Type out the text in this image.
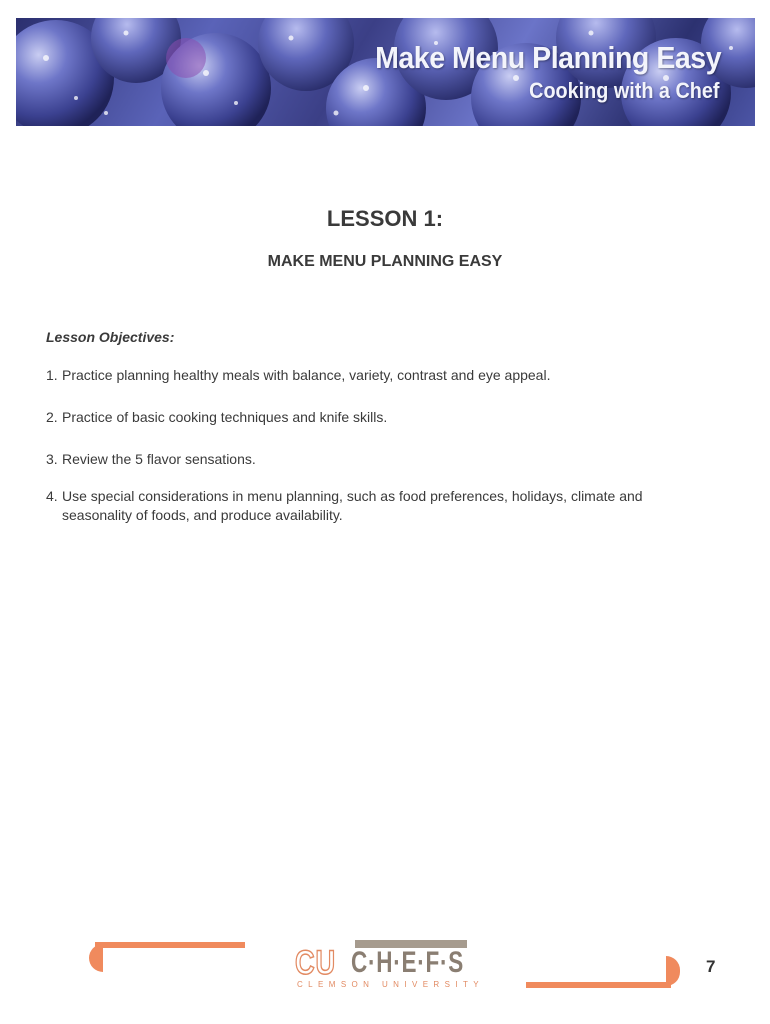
Make Menu Planning Easy
Cooking with a Chef
LESSON 1:
MAKE MENU PLANNING EASY
Lesson Objectives:
1. Practice planning healthy meals with balance, variety, contrast and eye appeal.
2. Practice of basic cooking techniques and knife skills.
3. Review the 5 flavor sensations.
4. Use special considerations in menu planning, such as food preferences, holidays, climate and
seasonality of foods, and produce availability.
CU C·H·E·F·S
CLEMSON UNIVERSITY
7
